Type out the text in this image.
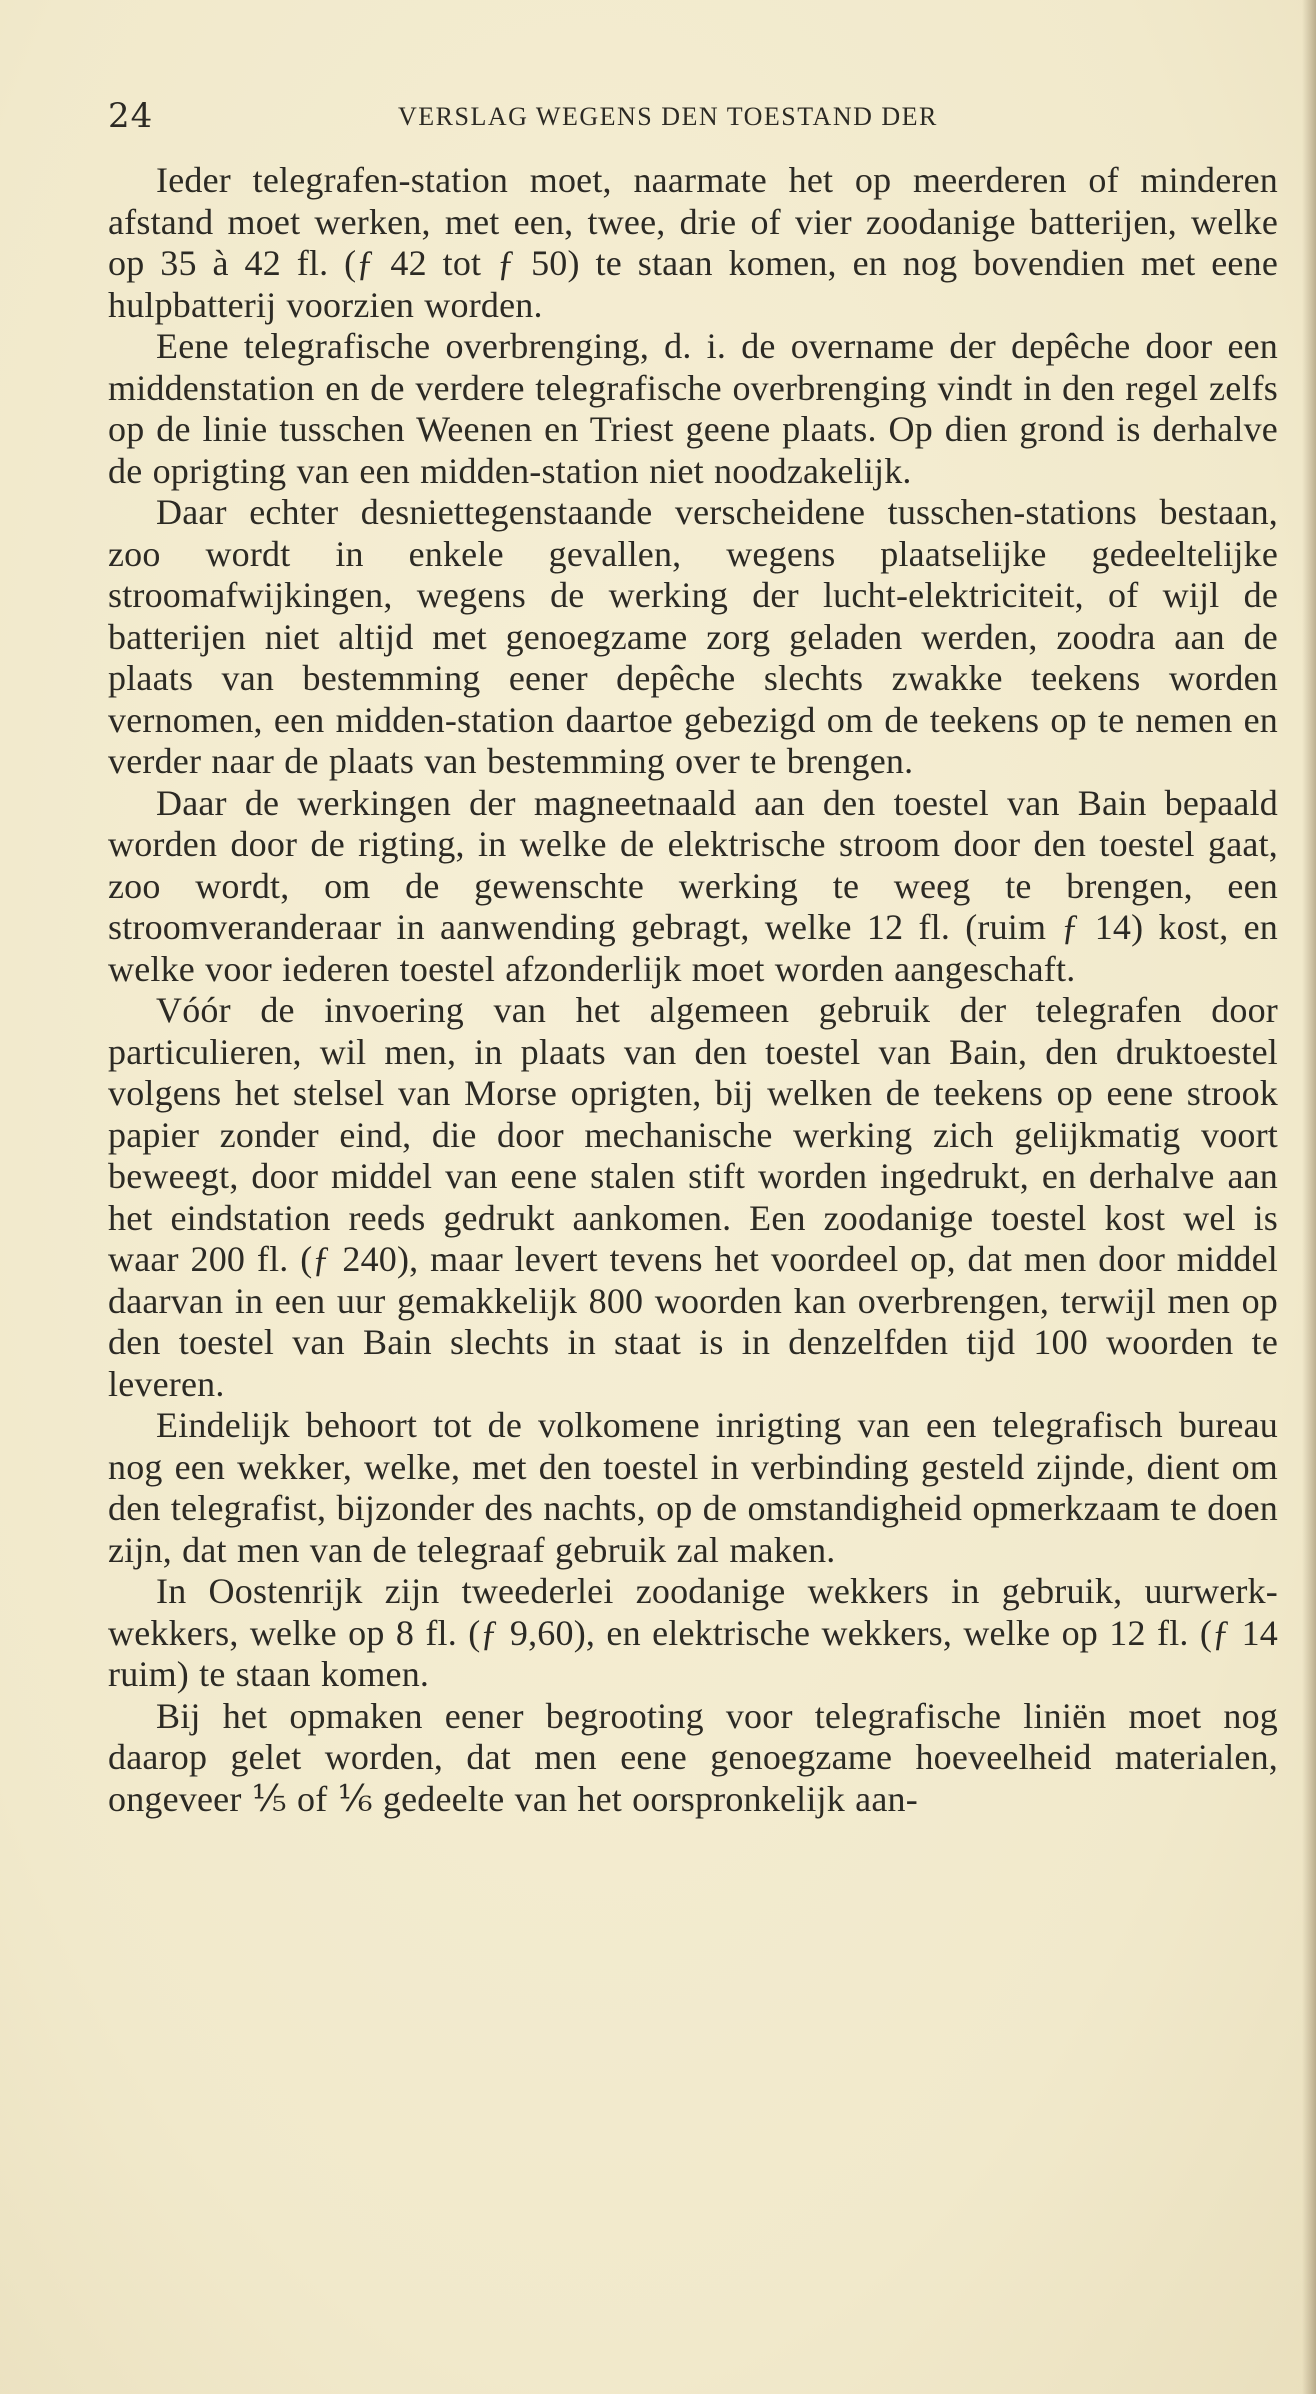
24	VERSLAG WEGENS DEN TOESTAND DER

Ieder telegrafen-station moet, naarmate het op meerderen of minderen afstand moet werken, met een, twee, drie of vier zoodanige batterijen, welke op 35 à 42 fl. (ƒ 42 tot ƒ 50) te staan komen, en nog bovendien met eene hulpbatterij voorzien worden.

Eene telegrafische overbrenging, d. i. de overname der depêche door een middenstation en de verdere telegrafische overbrenging vindt in den regel zelfs op de linie tusschen Weenen en Triest geene plaats. Op dien grond is derhalve de oprigting van een midden-station niet noodzakelijk.

Daar echter desniettegenstaande verscheidene tusschen-stations bestaan, zoo wordt in enkele gevallen, wegens plaatselijke gedeeltelijke stroomafwijkingen, wegens de werking der lucht-elektriciteit, of wijl de batterijen niet altijd met genoegzame zorg geladen werden, zoodra aan de plaats van bestemming eener depêche slechts zwakke teekens worden vernomen, een midden-station daartoe gebezigd om de teekens op te nemen en verder naar de plaats van bestemming over te brengen.

Daar de werkingen der magneetnaald aan den toestel van Bain bepaald worden door de rigting, in welke de elektrische stroom door den toestel gaat, zoo wordt, om de gewenschte werking te weeg te brengen, een stroomveranderaar in aanwending gebragt, welke 12 fl. (ruim ƒ 14) kost, en welke voor iederen toestel afzonderlijk moet worden aangeschaft.

Vóór de invoering van het algemeen gebruik der telegrafen door particulieren, wil men, in plaats van den toestel van Bain, den druktoestel volgens het stelsel van Morse oprigten, bij welken de teekens op eene strook papier zonder eind, die door mechanische werking zich gelijkmatig voort beweegt, door middel van eene stalen stift worden ingedrukt, en derhalve aan het eindstation reeds gedrukt aankomen. Een zoodanige toestel kost wel is waar 200 fl. (ƒ 240), maar levert tevens het voordeel op, dat men door middel daarvan in een uur gemakkelijk 800 woorden kan overbrengen, terwijl men op den toestel van Bain slechts in staat is in denzelfden tijd 100 woorden te leveren.

Eindelijk behoort tot de volkomene inrigting van een telegrafisch bureau nog een wekker, welke, met den toestel in verbinding gesteld zijnde, dient om den telegrafist, bijzonder des nachts, op de omstandigheid opmerkzaam te doen zijn, dat men van de telegraaf gebruik zal maken.

In Oostenrijk zijn tweederlei zoodanige wekkers in gebruik, uurwerk-wekkers, welke op 8 fl. (ƒ 9,60), en elektrische wekkers, welke op 12 fl. (ƒ 14 ruim) te staan komen.

Bij het opmaken eener begrooting voor telegrafische liniën moet nog daarop gelet worden, dat men eene genoegzame hoeveelheid materialen, ongeveer ⅕ of ⅙ gedeelte van het oorspronkelijk aan-
